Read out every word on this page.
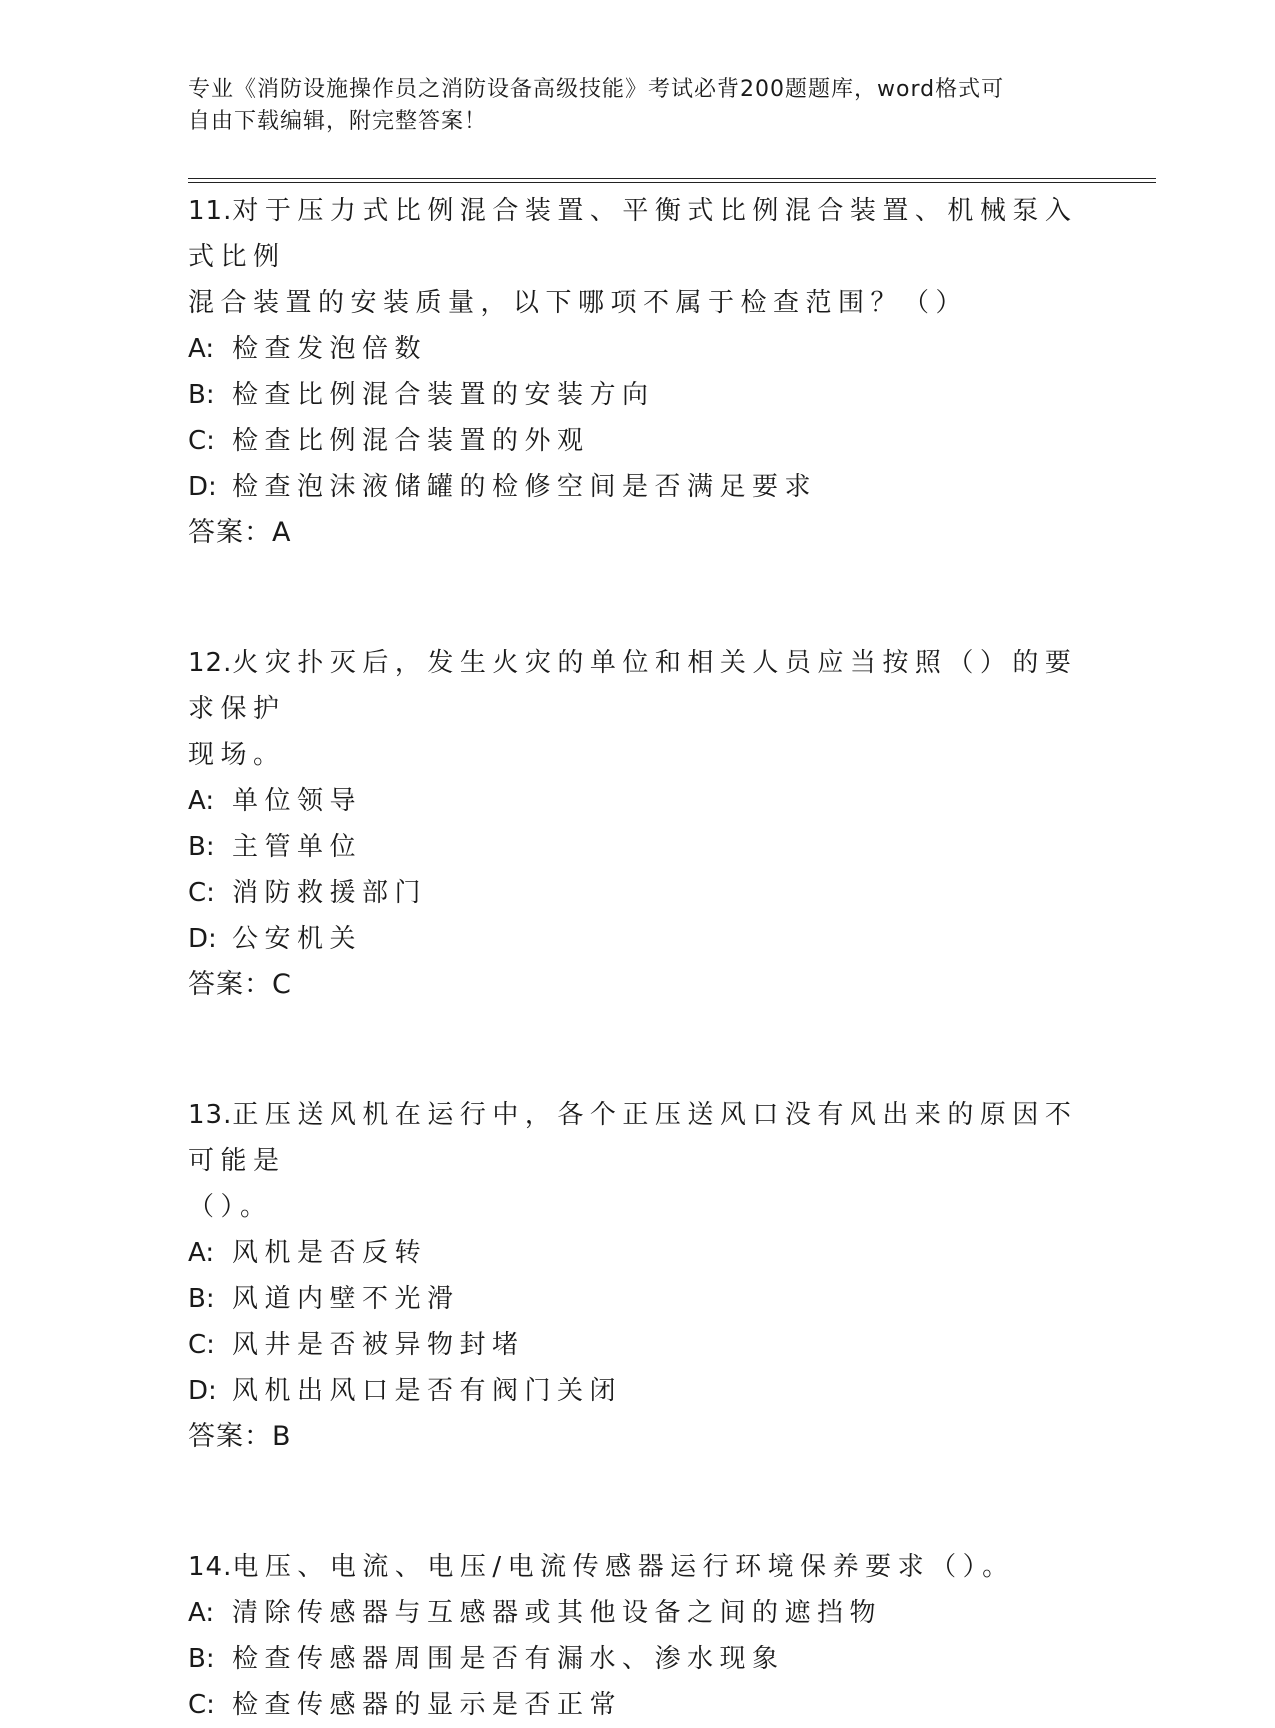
专业《消防设施操作员之消防设备高级技能》考试必背200题题库，word格式可
自由下载编辑，附完整答案！
11.对于压力式比例混合装置、平衡式比例混合装置、机械泵入式比例
混合装置的安装质量，以下哪项不属于检查范围？（）
A: 检查发泡倍数
B: 检查比例混合装置的安装方向
C: 检查比例混合装置的外观
D: 检查泡沫液储罐的检修空间是否满足要求
答案：A
12.火灾扑灭后，发生火灾的单位和相关人员应当按照（）的要求保护
现场。
A: 单位领导
B: 主管单位
C: 消防救援部门
D: 公安机关
答案：C
13.正压送风机在运行中，各个正压送风口没有风出来的原因不可能是
（）。
A: 风机是否反转
B: 风道内壁不光滑
C: 风井是否被异物封堵
D: 风机出风口是否有阀门关闭
答案：B
14.电压、电流、电压/电流传感器运行环境保养要求（）。
A: 清除传感器与互感器或其他设备之间的遮挡物
B: 检查传感器周围是否有漏水、渗水现象
C: 检查传感器的显示是否正常
